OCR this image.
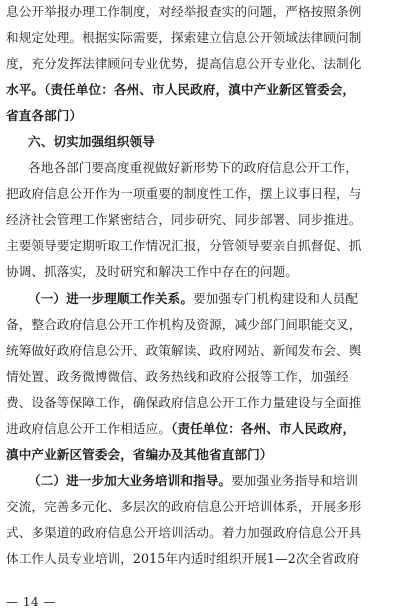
息公开举报办理工作制度，对经举报查实的问题，严格按照条例
和规定处理。根据实际需要，探索建立信息公开领域法律顾问制
度，充分发挥法律顾问专业优势，提高信息公开专业化、法制化
水平。（责任单位：各州、市人民政府，滇中产业新区管委会，
省直各部门）
六、切实加强组织领导
各地各部门要高度重视做好新形势下的政府信息公开工作，
把政府信息公开作为一项重要的制度性工作，摆上议事日程，与
经济社会管理工作紧密结合，同步研究、同步部署、同步推进。
主要领导要定期听取工作情况汇报，分管领导要亲自抓督促、抓
协调、抓落实，及时研究和解决工作中存在的问题。
（一）进一步理顺工作关系。要加强专门机构建设和人员配
备，整合政府信息公开工作机构及资源，减少部门间职能交叉，
统筹做好政府信息公开、政策解读、政府网站、新闻发布会、舆
情处置、政务微博微信、政务热线和政府公报等工作，加强经
费、设备等保障工作，确保政府信息公开工作力量建设与全面推
进政府信息公开工作相适应。（责任单位：各州、市人民政府，
滇中产业新区管委会，省编办及其他省直部门）
（二）进一步加大业务培训和指导。要加强业务指导和培训
交流，完善多元化、多层次的政府信息公开培训体系，开展多形
式、多渠道的政府信息公开培训活动。着力加强政府信息公开具
体工作人员专业培训，2015年内适时组织开展1—2次全省政府
— 14 —
